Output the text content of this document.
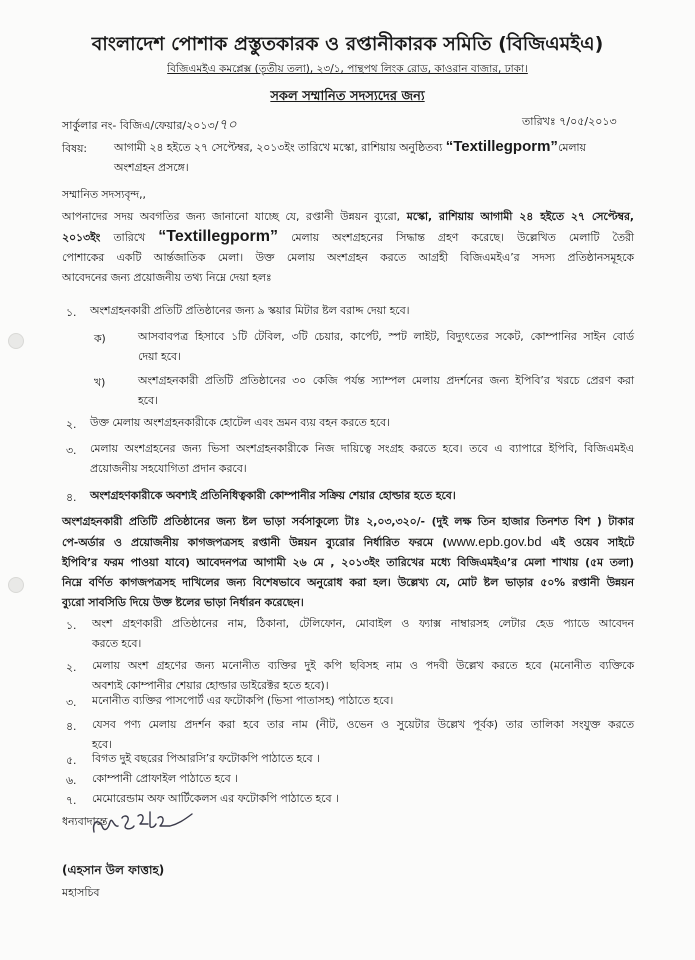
বাংলাদেশ পোশাক প্রস্তুতকারক ও রপ্তানীকারক সমিতি (বিজিএমইএ)
বিজিএমইএ কমপ্লেক্স (তৃতীয় তলা), ২৩/১, পান্থপথ লিংক রোড, কাওরান বাজার, ঢাকা।
সকল সম্মানিত সদস্যদের জন্য
সার্কুলার নং- বিজিএ/ফেয়ার/২০১৩/৭০	তারিখঃ ৭/০৫/২০১৩
বিষয়: আগামী ২৪ হইতে ২৭ সেপ্টেম্বর, ২০১৩ইং তারিখে মস্কো, রাশিয়ায় অনুষ্ঠিতব্য “Textillegporm”মেলায়
অংশগ্রহন প্রসঙ্গে।
সম্মানিত সদস্যবৃন্দ,,
আপনাদের সদয় অবগতির জন্য জানানো যাচ্ছে যে, রপ্তানী উন্নয়ন ব্যুরো, মস্কো, রাশিয়ায় আগামী ২৪ হইতে ২৭ সেপ্টেম্বর,
২০১৩ইং তারিখে “Textillegporm” মেলায় অংশগ্রহনের সিদ্ধান্ত গ্রহণ করেছে। উল্লেখিত মেলাটি তৈরী
পোশাকের একটি আর্ন্তজাতিক মেলা। উক্ত মেলায় অংশগ্রহন করতে আগ্রহী বিজিএমইএ’র সদস্য প্রতিষ্ঠানসমূহকে
আবেদনের জন্য প্রয়োজনীয় তথ্য নিম্নে দেয়া হলঃ
১. অংশগ্রহনকারী প্রতিটি প্রতিষ্ঠানের জন্য ৯ স্কয়ার মিটার ষ্টল বরাদ্দ দেয়া হবে।
ক)	আসবাবপত্র হিসাবে ১টি টেবিল, ৩টি চেয়ার, কার্পেট, স্পট লাইট, বিদ্যুৎতের সকেট, কোম্পানির সাইন বোর্ড
দেয়া হবে।
খ)	অংশগ্রহনকারী প্রতিটি প্রতিষ্ঠানের ৩০ কেজি পর্যন্ত স্যাম্পল মেলায় প্রদর্শনের জন্য ইপিবি’র খরচে প্রেরণ করা
হবে।
২. উক্ত মেলায় অংশগ্রহনকারীকে হোটেল এবং ভ্রমন ব্যয় বহন করতে হবে।
৩. মেলায় অংশগ্রহনের জন্য ভিসা অংশগ্রহনকারীকে নিজ দায়িত্বে সংগ্রহ করতে হবে। তবে এ ব্যাপারে ইপিবি, বিজিএমইএ
প্রয়োজনীয় সহযোগিতা প্রদান করবে।
৪. অংশগ্রহণকারীকে অবশ্যই প্রতিনিধিত্বকারী কোম্পানীর সক্রিয় শেয়ার হোল্ডার হতে হবে।
অংশগ্রহনকারী প্রতিটি প্রতিষ্ঠানের জন্য ষ্টল ভাড়া সর্বসাকুল্যে টাঃ ২,০৩,৩২০/- (দুই লক্ষ তিন হাজার তিনশত বিশ ) টাকার
পে-অর্ডার ও প্রয়োজনীয় কাগজপত্রসহ রপ্তানী উন্নয়ন ব্যুরোর নির্ধারিত ফরমে (www.epb.gov.bd এই ওয়েব সাইটে
ইপিবি’র ফরম পাওয়া যাবে) আবেদনপত্র আগামী ২৬ মে , ২০১৩ইং তারিখের মধ্যে বিজিএমইএ’র মেলা শাখায় (৫ম তলা)
নিম্নে বর্ণিত কাগজপত্রসহ দাখিলের জন্য বিশেষভাবে অনুরোধ করা হল। উল্লেখ্য যে, মোট ষ্টল ভাড়ার ৫০% রপ্তানী উন্নয়ন
ব্যুরো সাবসিডি দিয়ে উক্ত ষ্টলের ভাড়া নির্ধারন করেছেন।
১. অংশ গ্রহণকারী প্রতিষ্ঠানের নাম, ঠিকানা, টেলিফোন, মোবাইল ও ফ্যাক্স নাম্বারসহ লেটার হেড প্যাডে আবেদন
করতে হবে।
২. মেলায় অংশ গ্রহণের জন্য মনোনীত ব্যক্তির দুই কপি ছবিসহ নাম ও পদবী উল্লেখ করতে হবে (মনোনীত ব্যক্তিকে
অবশ্যই কোম্পানীর শেয়ার হোল্ডার ডাইরেক্টর হতে হবে)।
৩. মনোনীত ব্যক্তির পাসপোর্ট এর ফটোকপি (ভিসা পাতাসহ) পাঠাতে হবে।
৪. যেসব পণ্য মেলায় প্রদর্শন করা হবে তার নাম (নীট, ওভেন ও সুয়েটার উল্লেখ পূর্বক) তার তালিকা সংযুক্ত করতে
হবে।
৫. বিগত দুই বছরের পিআরসি’র ফটোকপি পাঠাতে হবে ।
৬. কোম্পানী প্রোফাইল পাঠাতে হবে ।
৭. মেমোরেন্ডাম অফ আর্টিকেলস এর ফটোকপি পাঠাতে হবে ।
ধন্যবাদান্তে,
(এহসান উল ফাত্তাহ)
মহাসচিব
